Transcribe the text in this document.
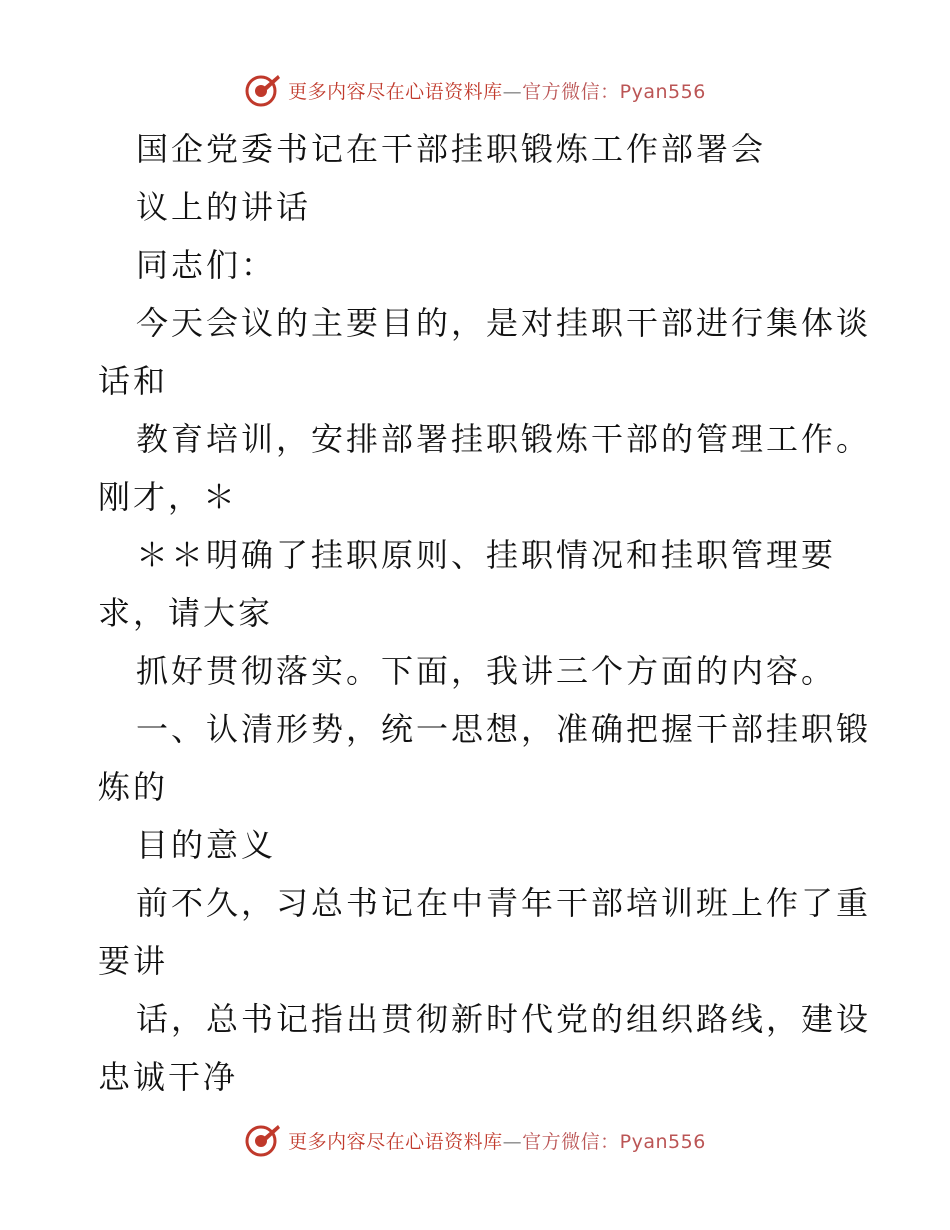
更多内容尽在心语资料库—官方微信：Pyan556
国企党委书记在干部挂职锻炼工作部署会
议上的讲话
同志们：
今天会议的主要目的，是对挂职干部进行集体谈
话和
教育培训，安排部署挂职锻炼干部的管理工作。
刚才，＊
＊＊明确了挂职原则、挂职情况和挂职管理要
求，请大家
抓好贯彻落实。下面，我讲三个方面的内容。
一、认清形势，统一思想，准确把握干部挂职锻
炼的
目的意义
前不久，习总书记在中青年干部培训班上作了重
要讲
话，总书记指出贯彻新时代党的组织路线，建设
忠诚干净
更多内容尽在心语资料库—官方微信：Pyan556
